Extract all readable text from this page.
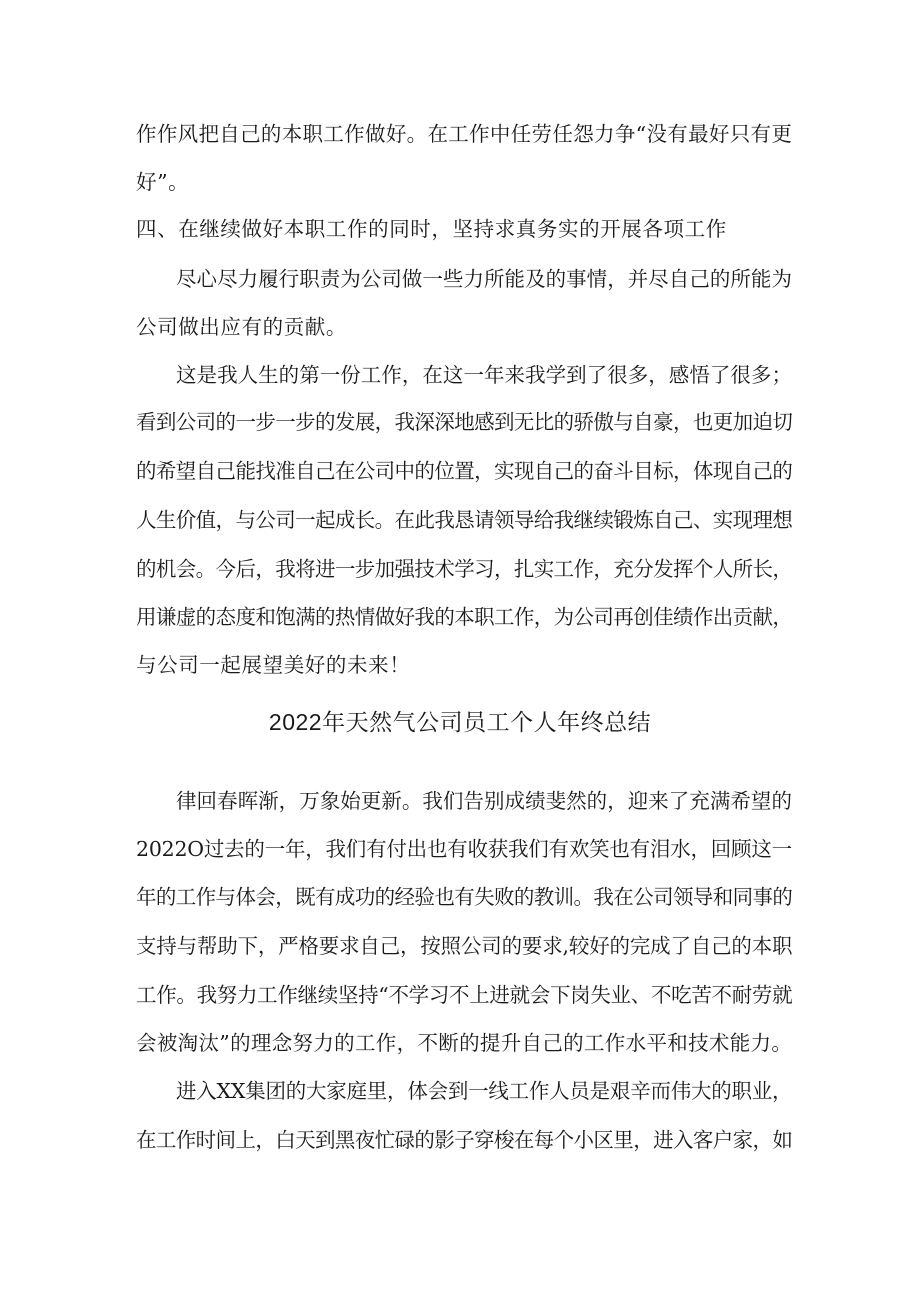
作作风把自己的本职工作做好。在工作中任劳任怨力争“没有最好只有更
好”。
四、在继续做好本职工作的同时，坚持求真务实的开展各项工作
尽心尽力履行职责为公司做一些力所能及的事情，并尽自己的所能为
公司做出应有的贡献。
这是我人生的第一份工作，在这一年来我学到了很多，感悟了很多；
看到公司的一步一步的发展，我深深地感到无比的骄傲与自豪，也更加迫切
的希望自己能找准自己在公司中的位置，实现自己的奋斗目标，体现自己的
人生价值，与公司一起成长。在此我恳请领导给我继续锻炼自己、实现理想
的机会。今后，我将进一步加强技术学习，扎实工作，充分发挥个人所长，
用谦虚的态度和饱满的热情做好我的本职工作，为公司再创佳绩作出贡献，
与公司一起展望美好的未来！
2022年天然气公司员工个人年终总结
律回春晖渐，万象始更新。我们告别成绩斐然的，迎来了充满希望的
2022O过去的一年，我们有付出也有收获我们有欢笑也有泪水，回顾这一
年的工作与体会，既有成功的经验也有失败的教训。我在公司领导和同事的
支持与帮助下，严格要求自己，按照公司的要求,较好的完成了自己的本职
工作。我努力工作继续坚持“不学习不上进就会下岗失业、不吃苦不耐劳就
会被淘汰”的理念努力的工作，不断的提升自己的工作水平和技术能力。
进入XX集团的大家庭里，体会到一线工作人员是艰辛而伟大的职业，
在工作时间上，白天到黑夜忙碌的影子穿梭在每个小区里，进入客户家，如
